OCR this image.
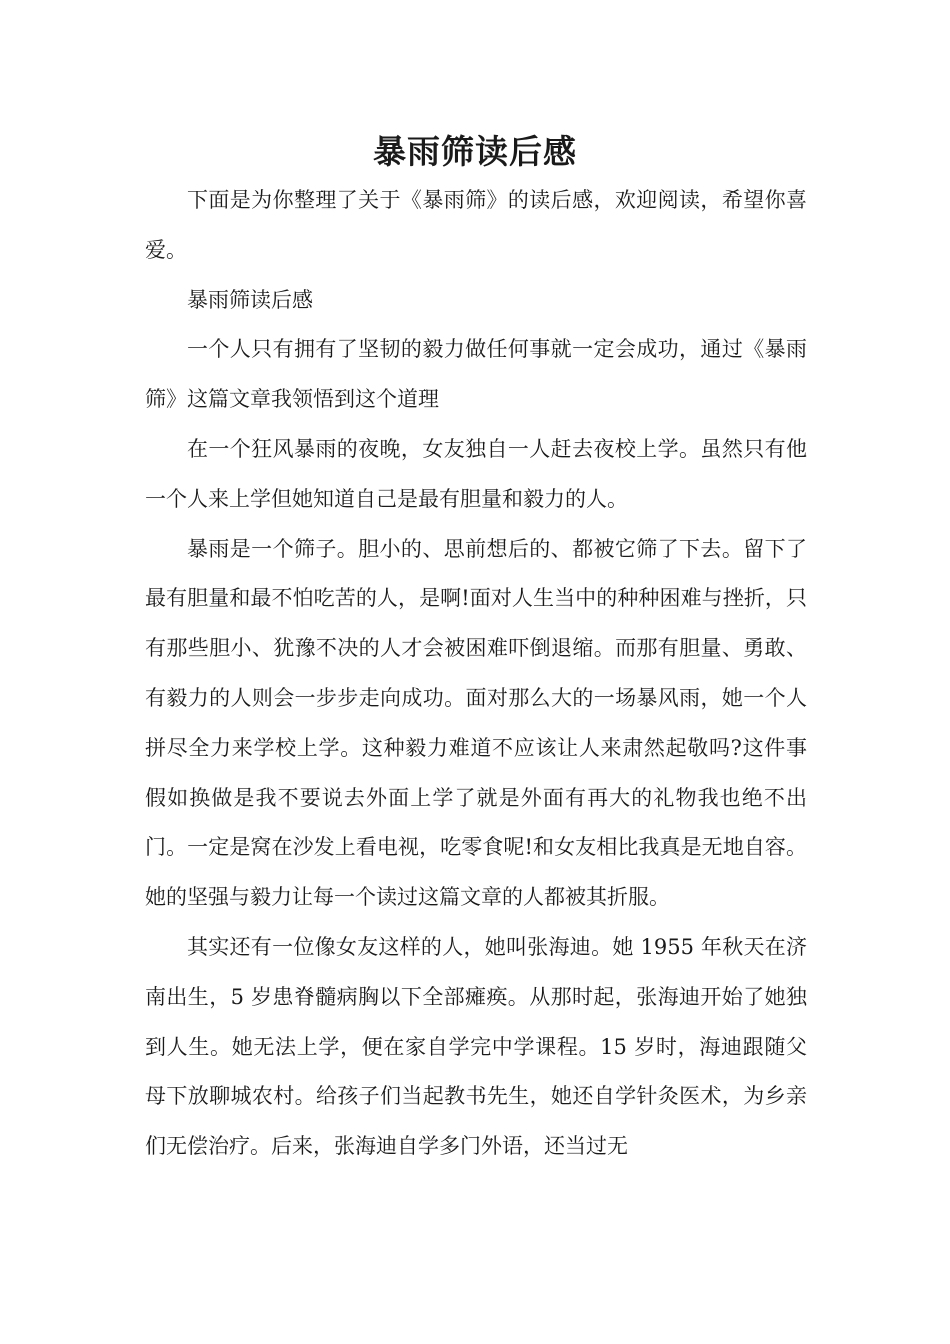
暴雨筛读后感

下面是为你整理了关于《暴雨筛》的读后感，欢迎阅读，希望你喜爱。

暴雨筛读后感

一个人只有拥有了坚韧的毅力做任何事就一定会成功，通过《暴雨筛》这篇文章我领悟到这个道理

在一个狂风暴雨的夜晚，女友独自一人赶去夜校上学。虽然只有他一个人来上学但她知道自己是最有胆量和毅力的人。

暴雨是一个筛子。胆小的、思前想后的、都被它筛了下去。留下了最有胆量和最不怕吃苦的人，是啊!面对人生当中的种种困难与挫折，只有那些胆小、犹豫不决的人才会被困难吓倒退缩。而那有胆量、勇敢、有毅力的人则会一步步走向成功。面对那么大的一场暴风雨，她一个人拼尽全力来学校上学。这种毅力难道不应该让人来肃然起敬吗?这件事假如换做是我不要说去外面上学了就是外面有再大的礼物我也绝不出门。一定是窝在沙发上看电视，吃零食呢!和女友相比我真是无地自容。她的坚强与毅力让每一个读过这篇文章的人都被其折服。

其实还有一位像女友这样的人，她叫张海迪。她 1955 年秋天在济南出生，5 岁患脊髓病胸以下全部瘫痪。从那时起，张海迪开始了她独到人生。她无法上学，便在家自学完中学课程。15 岁时，海迪跟随父母下放聊城农村。给孩子们当起教书先生，她还自学针灸医术，为乡亲们无偿治疗。后来，张海迪自学多门外语，还当过无
